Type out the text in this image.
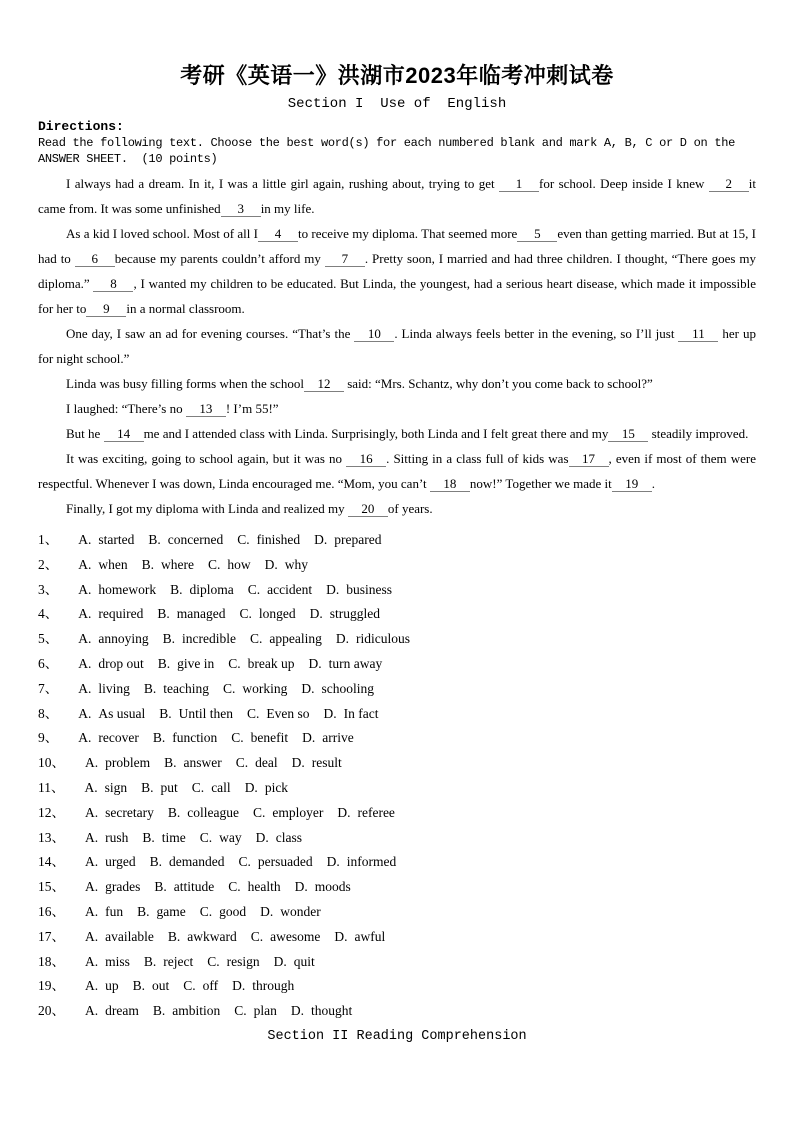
考研《英语一》洪湖市2023年临考冲刺试卷
Section I  Use of  English
Directions:
Read the following text. Choose the best word(s) for each numbered blank and mark A, B, C or D on the
ANSWER SHEET.  (10 points)

I always had a dream. In it, I was a little girl again, rushing about, trying to get 1 for school. Deep inside I knew 2 it came from. It was some unfinished 3 in my life.

As a kid I loved school. Most of all I 4 to receive my diploma. That seemed more 5 even than getting married. But at 15, I had to 6 because my parents couldn’t afford my 7 . Pretty soon, I married and had three children. I thought, “There goes my diploma.” 8 , I wanted my children to be educated. But Linda, the youngest, had a serious heart disease, which made it impossible for her to 9 in a normal classroom.

One day, I saw an ad for evening courses. “That’s the 10 . Linda always feels better in the evening, so I’ll just 11 her up for night school.”

Linda was busy filling forms when the school 12 said: “Mrs. Schantz, why don’t you come back to school?”

I laughed: “There’s no 13 ! I’m 55!”

But he 14 me and I attended class with Linda. Surprisingly, both Linda and I felt great there and my 15 steadily improved.

It was exciting, going to school again, but it was no 16 . Sitting in a class full of kids was 17 , even if most of them were respectful. Whenever I was down, Linda encouraged me. “Mom, you can’t 18 now!” Together we made it 19 .

Finally, I got my diploma with Linda and realized my 20 of years.

1、 A. started B. concerned C. finished D. prepared
2、 A. when B. where C. how D. why
3、 A. homework B. diploma C. accident D. business
4、 A. required B. managed C. longed D. struggled
5、 A. annoying B. incredible C. appealing D. ridiculous
6、 A. drop out B. give in C. break up D. turn away
7、 A. living B. teaching C. working D. schooling
8、 A. As usual B. Until then C. Even so D. In fact
9、 A. recover B. function C. benefit D. arrive
10、 A. problem B. answer C. deal D. result
11、 A. sign B. put C. call D. pick
12、 A. secretary B. colleague C. employer D. referee
13、 A. rush B. time C. way D. class
14、 A. urged B. demanded C. persuaded D. informed
15、 A. grades B. attitude C. health D. moods
16、 A. fun B. game C. good D. wonder
17、 A. available B. awkward C. awesome D. awful
18、 A. miss B. reject C. resign D. quit
19、 A. up B. out C. off D. through
20、 A. dream B. ambition C. plan D. thought
Section II Reading Comprehension
